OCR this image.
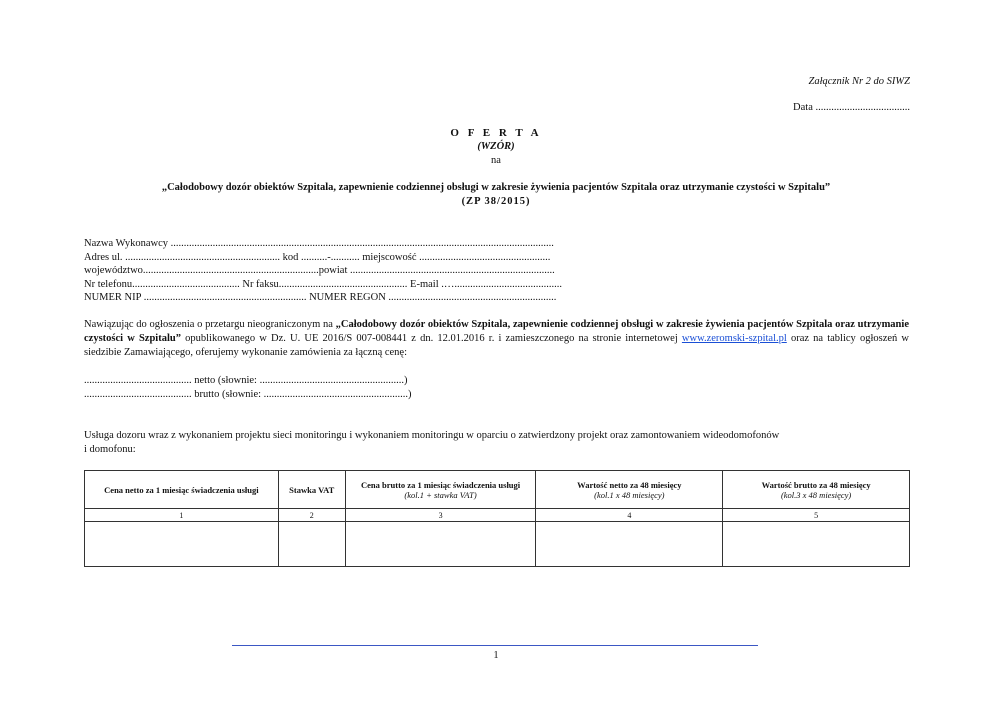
Załącznik Nr 2 do SIWZ
Data ....................................
O F E R T A
(WZÓR)
na
„Całodobowy dozór obiektów Szpitala, zapewnienie codziennej obsługi w zakresie żywienia pacjentów Szpitala oraz utrzymanie czystości w Szpitalu”
(ZP 38/2015)
Nazwa Wykonawcy ..................................................................................................................................................
Adres ul. ........................................................... kod ..........-........... miejscowość ..................................................
województwo...................................................................powiat ..............................................................................
Nr telefonu......................................... Nr faksu................................................. E-mail .….........................................
NUMER NIP .............................................................. NUMER REGON ................................................................
Nawiązując do ogłoszenia o przetargu nieograniczonym na „Całodobowy dozór obiektów Szpitala, zapewnienie codziennej obsługi w zakresie żywienia pacjentów Szpitala oraz utrzymanie czystości w Szpitalu” opublikowanego w Dz. U. UE 2016/S 007-008441 z dn. 12.01.2016 r. i zamieszczonego na stronie internetowej www.zeromski-szpital.pl oraz na tablicy ogłoszeń w siedzibie Zamawiającego, oferujemy wykonanie zamówienia za łączną cenę:
......................................... netto (słownie: .......................................................)
......................................... brutto (słownie: .......................................................)
Usługa dozoru wraz z wykonaniem projektu sieci monitoringu i wykonaniem monitoringu w oparciu o zatwierdzony projekt oraz zamontowaniem wideodomofonów
i domofonu:
Cena netto za 1 miesiąc świadczenia usługi	Stawka VAT	Cena brutto za 1 miesiąc świadczenia usługi
(kol.1 + stawka VAT)	Wartość netto za 48 miesięcy
(kol.1 x 48 miesięcy)	Wartość brutto za 48 miesięcy
(kol.3 x 48 miesięcy)

1	2	3	4	5

1
